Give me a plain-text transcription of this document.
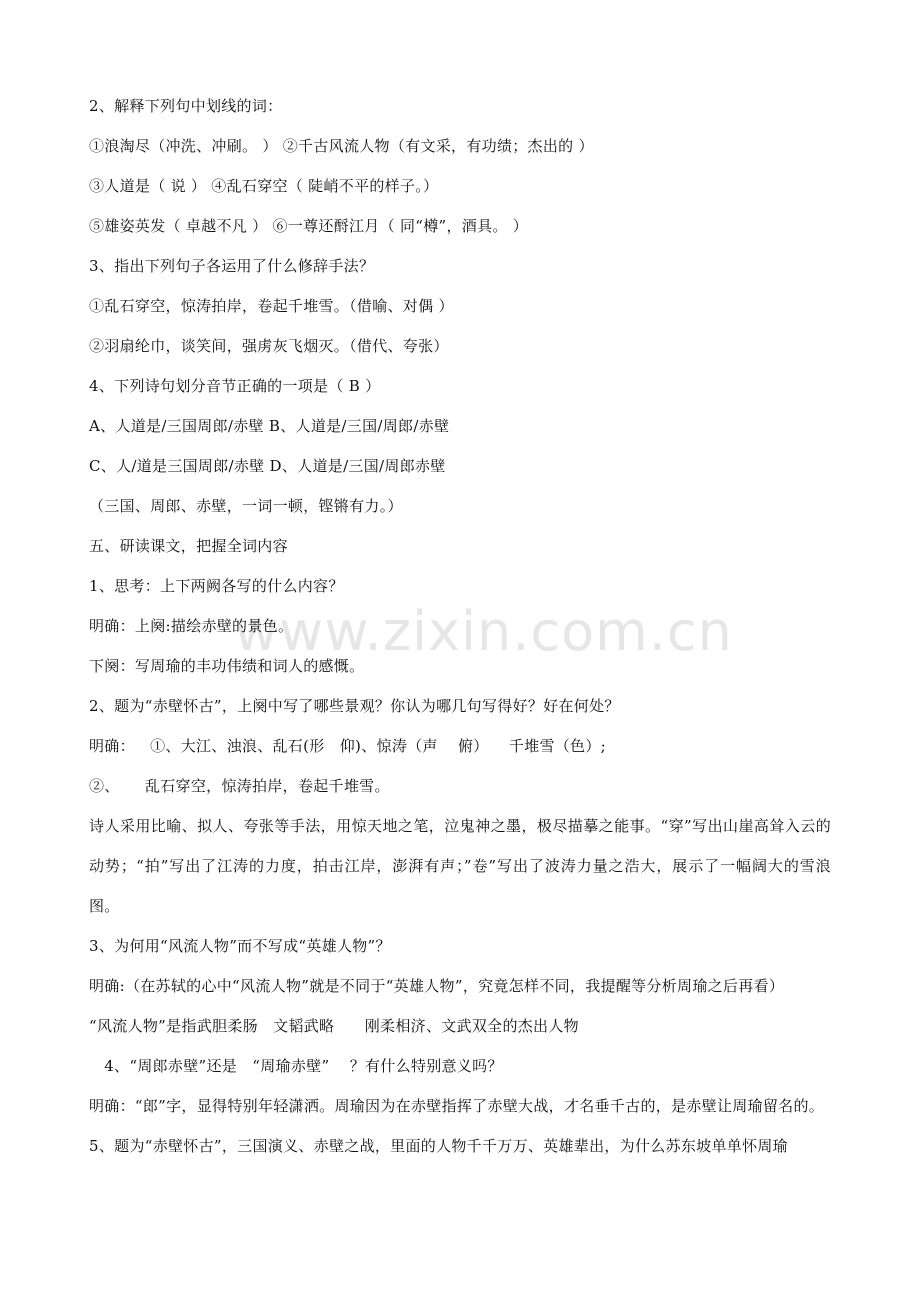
www.zixin.com.cn
2、解释下列句中划线的词：
①浪淘尽（冲洗、冲刷。 ） ②千古风流人物（有文采，有功绩；杰出的 ）
③人道是（ 说 ） ④乱石穿空（ 陡峭不平的样子。）
⑤雄姿英发（ 卓越不凡 ） ⑥一尊还酹江月（ 同“樽”，酒具。 ）
3、指出下列句子各运用了什么修辞手法？
①乱石穿空，惊涛拍岸，卷起千堆雪。（借喻、对偶 ）
②羽扇纶巾，谈笑间，强虏灰飞烟灭。（借代、夸张）
4、下列诗句划分音节正确的一项是（ B ）
A、人道是/三国周郎/赤壁 B、人道是/三国/周郎/赤壁
C、人/道是三国周郎/赤壁 D、人道是/三国/周郎赤壁
（三国、周郎、赤壁，一词一顿，铿锵有力。）
五、研读课文，把握全词内容
1、思考：上下两阙各写的什么内容？
明确：上阕:描绘赤壁的景色。
下阕：写周瑜的丰功伟绩和词人的感慨。
2、题为“赤壁怀古”，上阕中写了哪些景观？你认为哪几句写得好？好在何处？
明确：   ①、大江、浊浪、乱石(形   仰)、惊涛（声    俯）    千堆雪（色）;
②、     乱石穿空，惊涛拍岸，卷起千堆雪。
诗人采用比喻、拟人、夸张等手法，用惊天地之笔，泣鬼神之墨，极尽描摹之能事。“穿”写出山崖高耸入云的动势；“拍”写出了江涛的力度，拍击江岸，澎湃有声；”卷”写出了波涛力量之浩大，展示了一幅阔大的雪浪图。
3、为何用“风流人物”而不写成“英雄人物”？
明确:（在苏轼的心中“风流人物”就是不同于“英雄人物”，究竟怎样不同，我提醒等分析周瑜之后再看）
“风流人物”是指武胆柔肠   文韬武略      刚柔相济、文武双全的杰出人物
4、“周郎赤壁”还是   “周瑜赤壁”    ？有什么特别意义吗？
明确：“郎”字，显得特别年轻潇洒。周瑜因为在赤壁指挥了赤壁大战，才名垂千古的，是赤壁让周瑜留名的。
5、题为“赤壁怀古”，三国演义、赤壁之战，里面的人物千千万万、英雄辈出，为什么苏东坡单单怀周瑜
